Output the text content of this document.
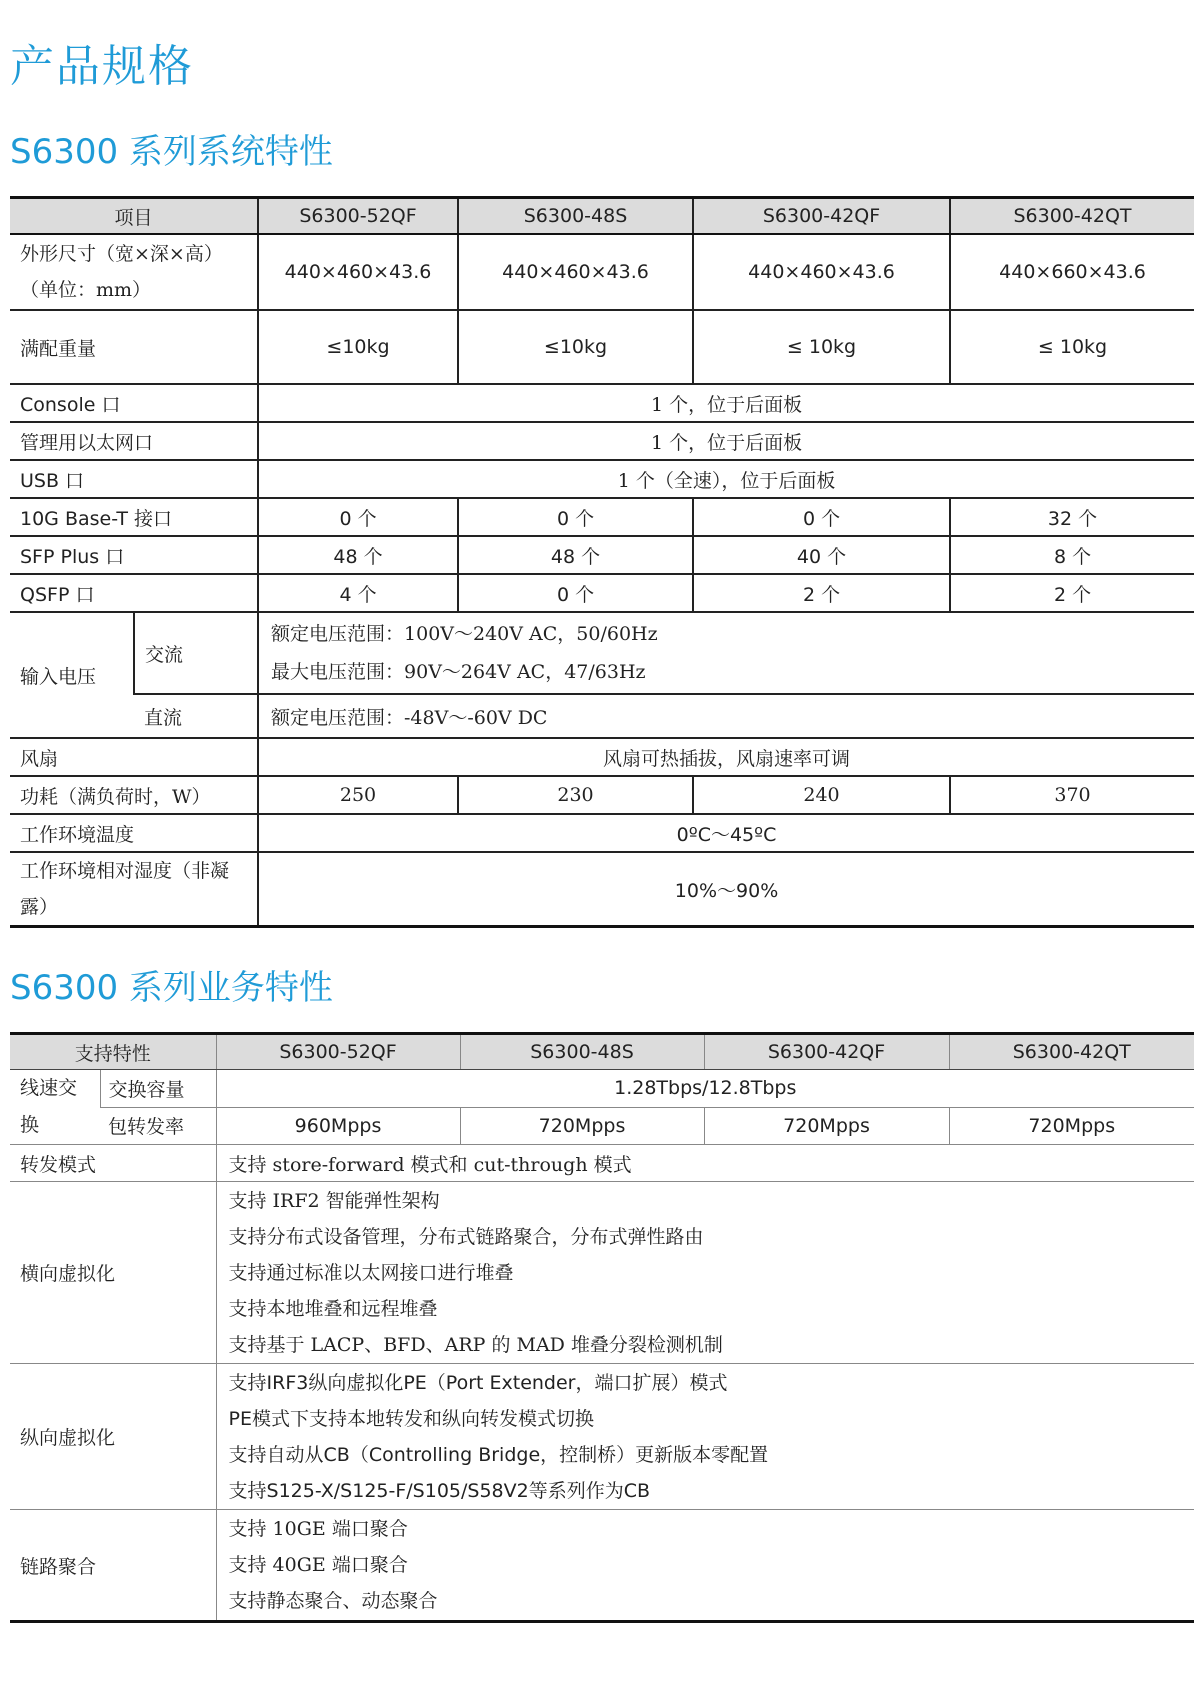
产品规格
S6300 系列系统特性
项目		S6300-52QF	S6300-48S	S6300-42QF	S6300-42QT
外形尺寸（宽×深×高）（单位：mm）		440×460×43.6	440×460×43.6	440×460×43.6	440×660×43.6
满配重量		≤10kg	≤10kg	≤ 10kg	≤ 10kg
Console 口		1 个，位于后面板			
管理用以太网口		1 个，位于后面板			
USB 口		1 个（全速），位于后面板			
10G Base-T 接口		0 个	0 个	0 个	32 个
SFP Plus 口		48 个	48 个	40 个	8 个
QSFP 口		4 个	0 个	2 个	2 个
输入电压	交流	额定电压范围：100V～240V AC，50/60Hz
最大电压范围：90V～264V AC，47/63Hz			

	直流	额定电压范围：-48V～-60V DC			
风扇		风扇可热插拔，风扇速率可调			
功耗（满负荷时，W）		250	230	240	370
工作环境温度		0ºC～45ºC			
工作环境相对湿度（非凝露）		10%～90%			
S6300 系列业务特性
支持特性		S6300-52QF	S6300-48S	S6300-42QF	S6300-42QT
线速交换	交换容量	1.28Tbps/12.8Tbps			
	包转发率	960Mpps	720Mpps	720Mpps	720Mpps
转发模式		支持 store-forward 模式和 cut-through 模式			
横向虚拟化		支持 IRF2 智能弹性架构
支持分布式设备管理，分布式链路聚合，分布式弹性路由
支持通过标准以太网接口进行堆叠
支持本地堆叠和远程堆叠
支持基于 LACP、BFD、ARP 的 MAD 堆叠分裂检测机制			

纵向虚拟化		支持IRF3纵向虚拟化PE（Port Extender，端口扩展）模式
PE模式下支持本地转发和纵向转发模式切换
支持自动从CB（Controlling Bridge，控制桥）更新版本零配置
支持S125-X/S125-F/S105/S58V2等系列作为CB			

链路聚合		支持 10GE 端口聚合
支持 40GE 端口聚合
支持静态聚合、动态聚合			
